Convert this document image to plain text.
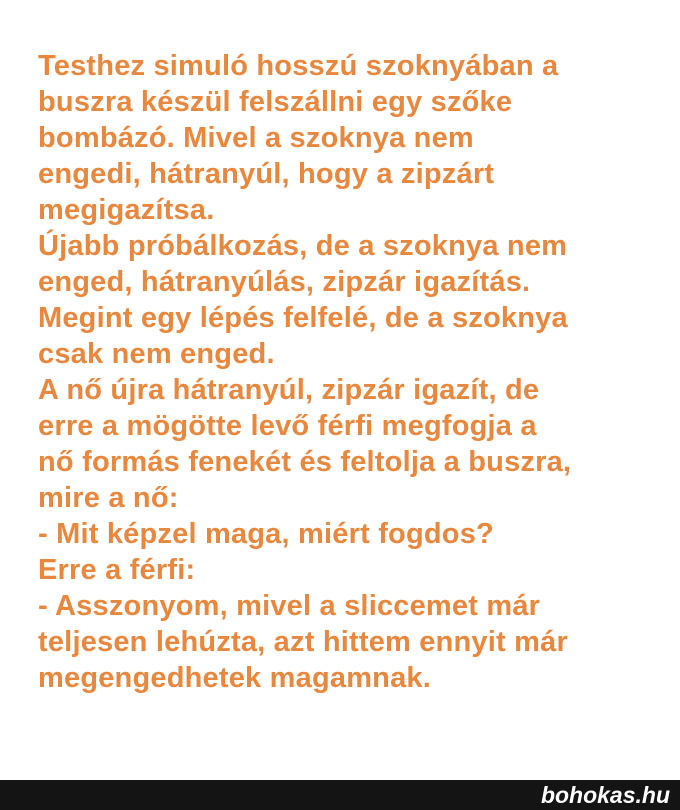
Testhez simuló hosszú szoknyában a
buszra készül felszállni egy szőke
bombázó. Mivel a szoknya nem
engedi, hátranyúl, hogy a zipzárt
megigazítsa.
Újabb próbálkozás, de a szoknya nem
enged, hátranyúlás, zipzár igazítás.
Megint egy lépés felfelé, de a szoknya
csak nem enged.
A nő újra hátranyúl, zipzár igazít, de
erre a mögötte levő férfi megfogja a
nő formás fenekét és feltolja a buszra,
mire a nő:
- Mit képzel maga, miért fogdos?
Erre a férfi:
- Asszonyom, mivel a sliccemet már
teljesen lehúzta, azt hittem ennyit már
megengedhetek magamnak.
bohokas.hu
